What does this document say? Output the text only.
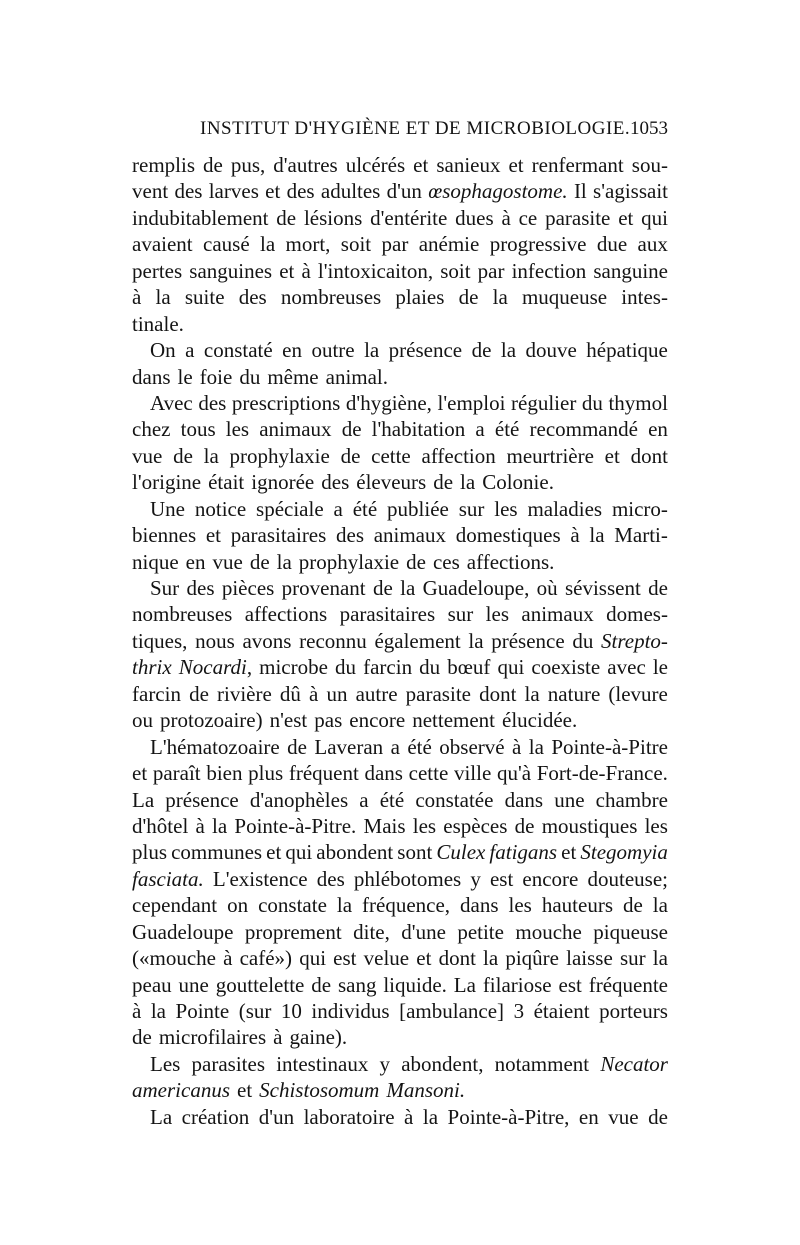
INSTITUT D'HYGIÈNE ET DE MICROBIOLOGIE. 1053
remplis de pus, d'autres ulcérés et sanieux et renfermant sou-
vent des larves et des adultes d'un œsophagostome. Il s'agissait
indubitablement de lésions d'entérite dues à ce parasite et qui
avaient causé la mort, soit par anémie progressive due aux
pertes sanguines et à l'intoxicaiton, soit par infection sanguine
à la suite des nombreuses plaies de la muqueuse intes-
tinale.
On a constaté en outre la présence de la douve hépatique
dans le foie du même animal.
Avec des prescriptions d'hygiène, l'emploi régulier du thymol
chez tous les animaux de l'habitation a été recommandé en
vue de la prophylaxie de cette affection meurtrière et dont
l'origine était ignorée des éleveurs de la Colonie.
Une notice spéciale a été publiée sur les maladies micro-
biennes et parasitaires des animaux domestiques à la Marti-
nique en vue de la prophylaxie de ces affections.
Sur des pièces provenant de la Guadeloupe, où sévissent de
nombreuses affections parasitaires sur les animaux domes-
tiques, nous avons reconnu également la présence du Strepto-
thrix Nocardi, microbe du farcin du bœuf qui coexiste avec le
farcin de rivière dû à un autre parasite dont la nature (levure
ou protozoaire) n'est pas encore nettement élucidée.
L'hématozoaire de Laveran a été observé à la Pointe-à-Pitre
et paraît bien plus fréquent dans cette ville qu'à Fort-de-France.
La présence d'anophèles a été constatée dans une chambre
d'hôtel à la Pointe-à-Pitre. Mais les espèces de moustiques les
plus communes et qui abondent sont Culex fatigans et Stegomyia
fasciata. L'existence des phlébotomes y est encore douteuse;
cependant on constate la fréquence, dans les hauteurs de la
Guadeloupe proprement dite, d'une petite mouche piqueuse
(«mouche à café») qui est velue et dont la piqûre laisse sur la
peau une gouttelette de sang liquide. La filariose est fréquente
à la Pointe (sur 10 individus [ambulance] 3 étaient porteurs
de microfilaires à gaine).
Les parasites intestinaux y abondent, notamment Necator
americanus et Schistosomum Mansoni.
La création d'un laboratoire à la Pointe-à-Pitre, en vue de
